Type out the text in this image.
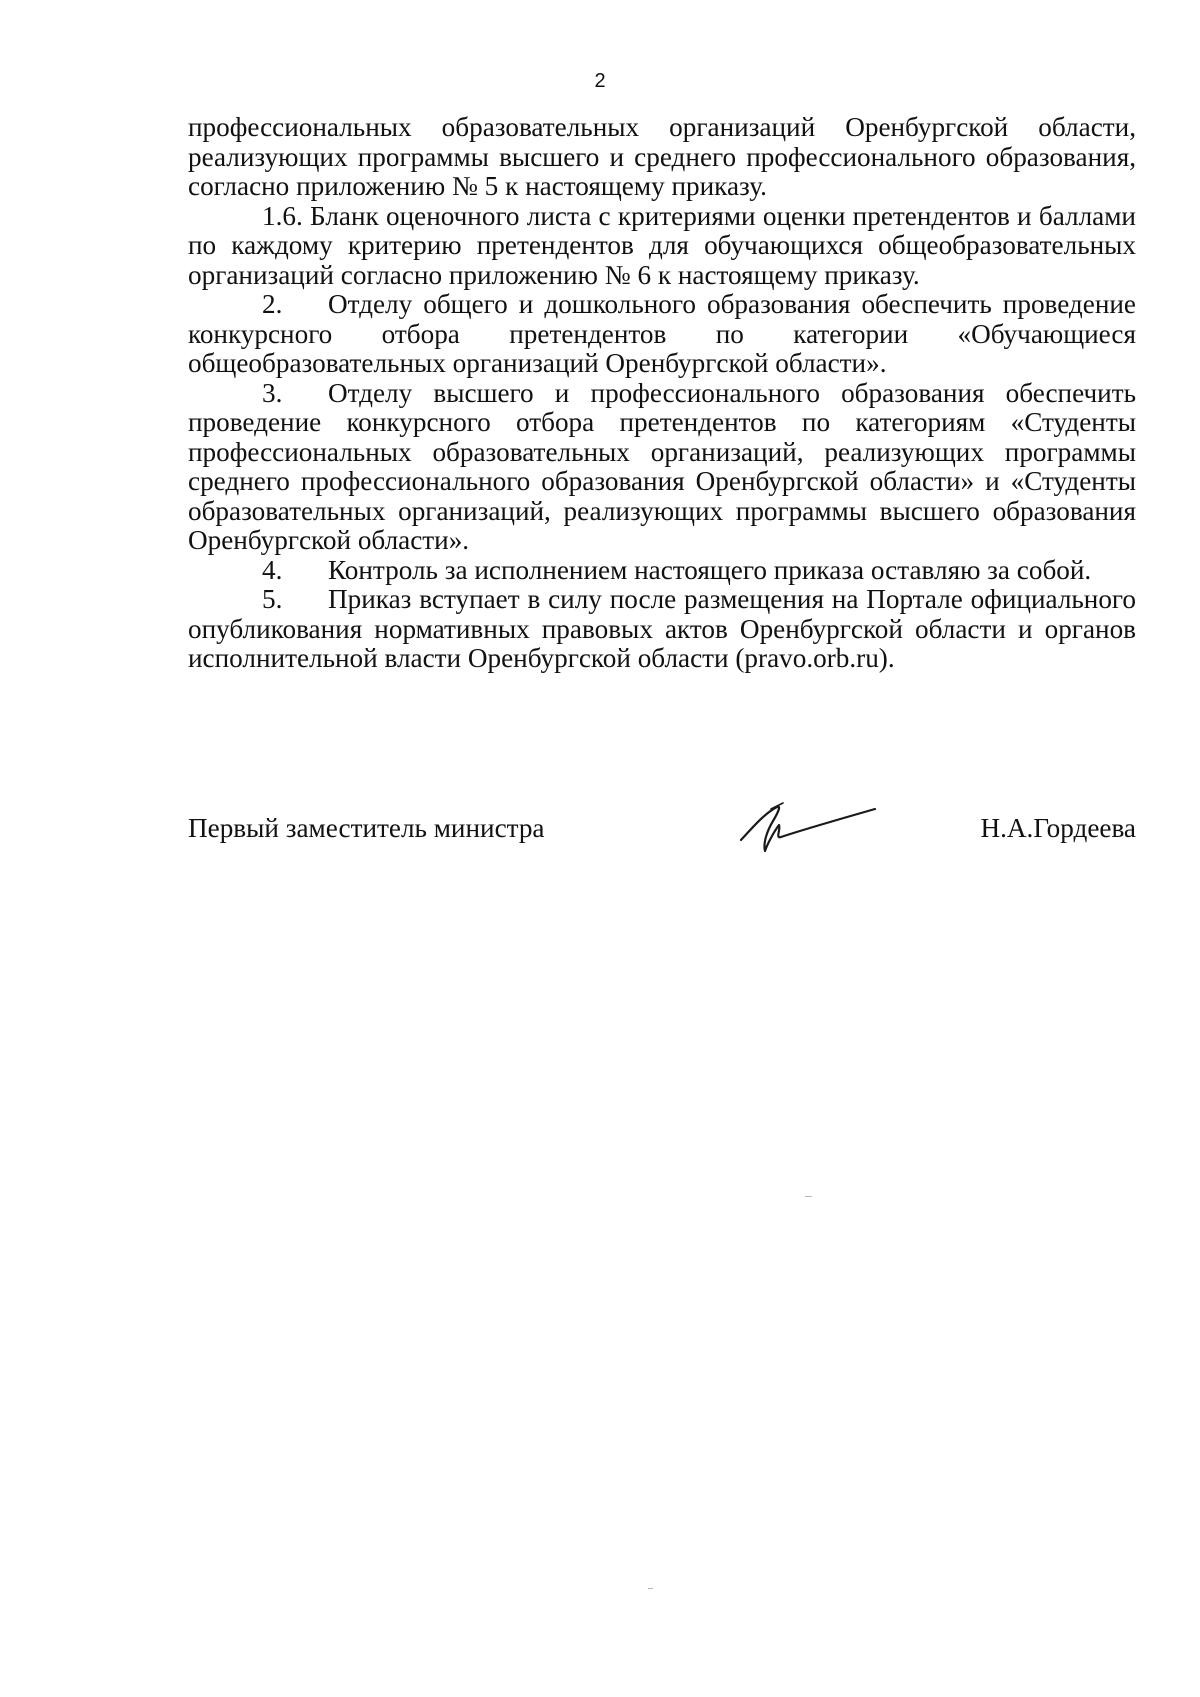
2

профессиональных образовательных организаций Оренбургской области, реализующих программы высшего и среднего профессионального образования, согласно приложению № 5 к настоящему приказу.

1.6. Бланк оценочного листа с критериями оценки претендентов и баллами по каждому критерию претендентов для обучающихся общеобразовательных организаций согласно приложению № 6 к настоящему приказу.

2. Отделу общего и дошкольного образования обеспечить проведение конкурсного отбора претендентов по категории «Обучающиеся общеобразовательных организаций Оренбургской области».

3. Отделу высшего и профессионального образования обеспечить проведение конкурсного отбора претендентов по категориям «Студенты профессиональных образовательных организаций, реализующих программы среднего профессионального образования Оренбургской области» и «Студенты образовательных организаций, реализующих программы высшего образования Оренбургской области».

4. Контроль за исполнением настоящего приказа оставляю за собой.

5. Приказ вступает в силу после размещения на Портале официального опубликования нормативных правовых актов Оренбургской области и органов исполнительной власти Оренбургской области (pravo.orb.ru).

Первый заместитель министра	Н.А.Гордеева
